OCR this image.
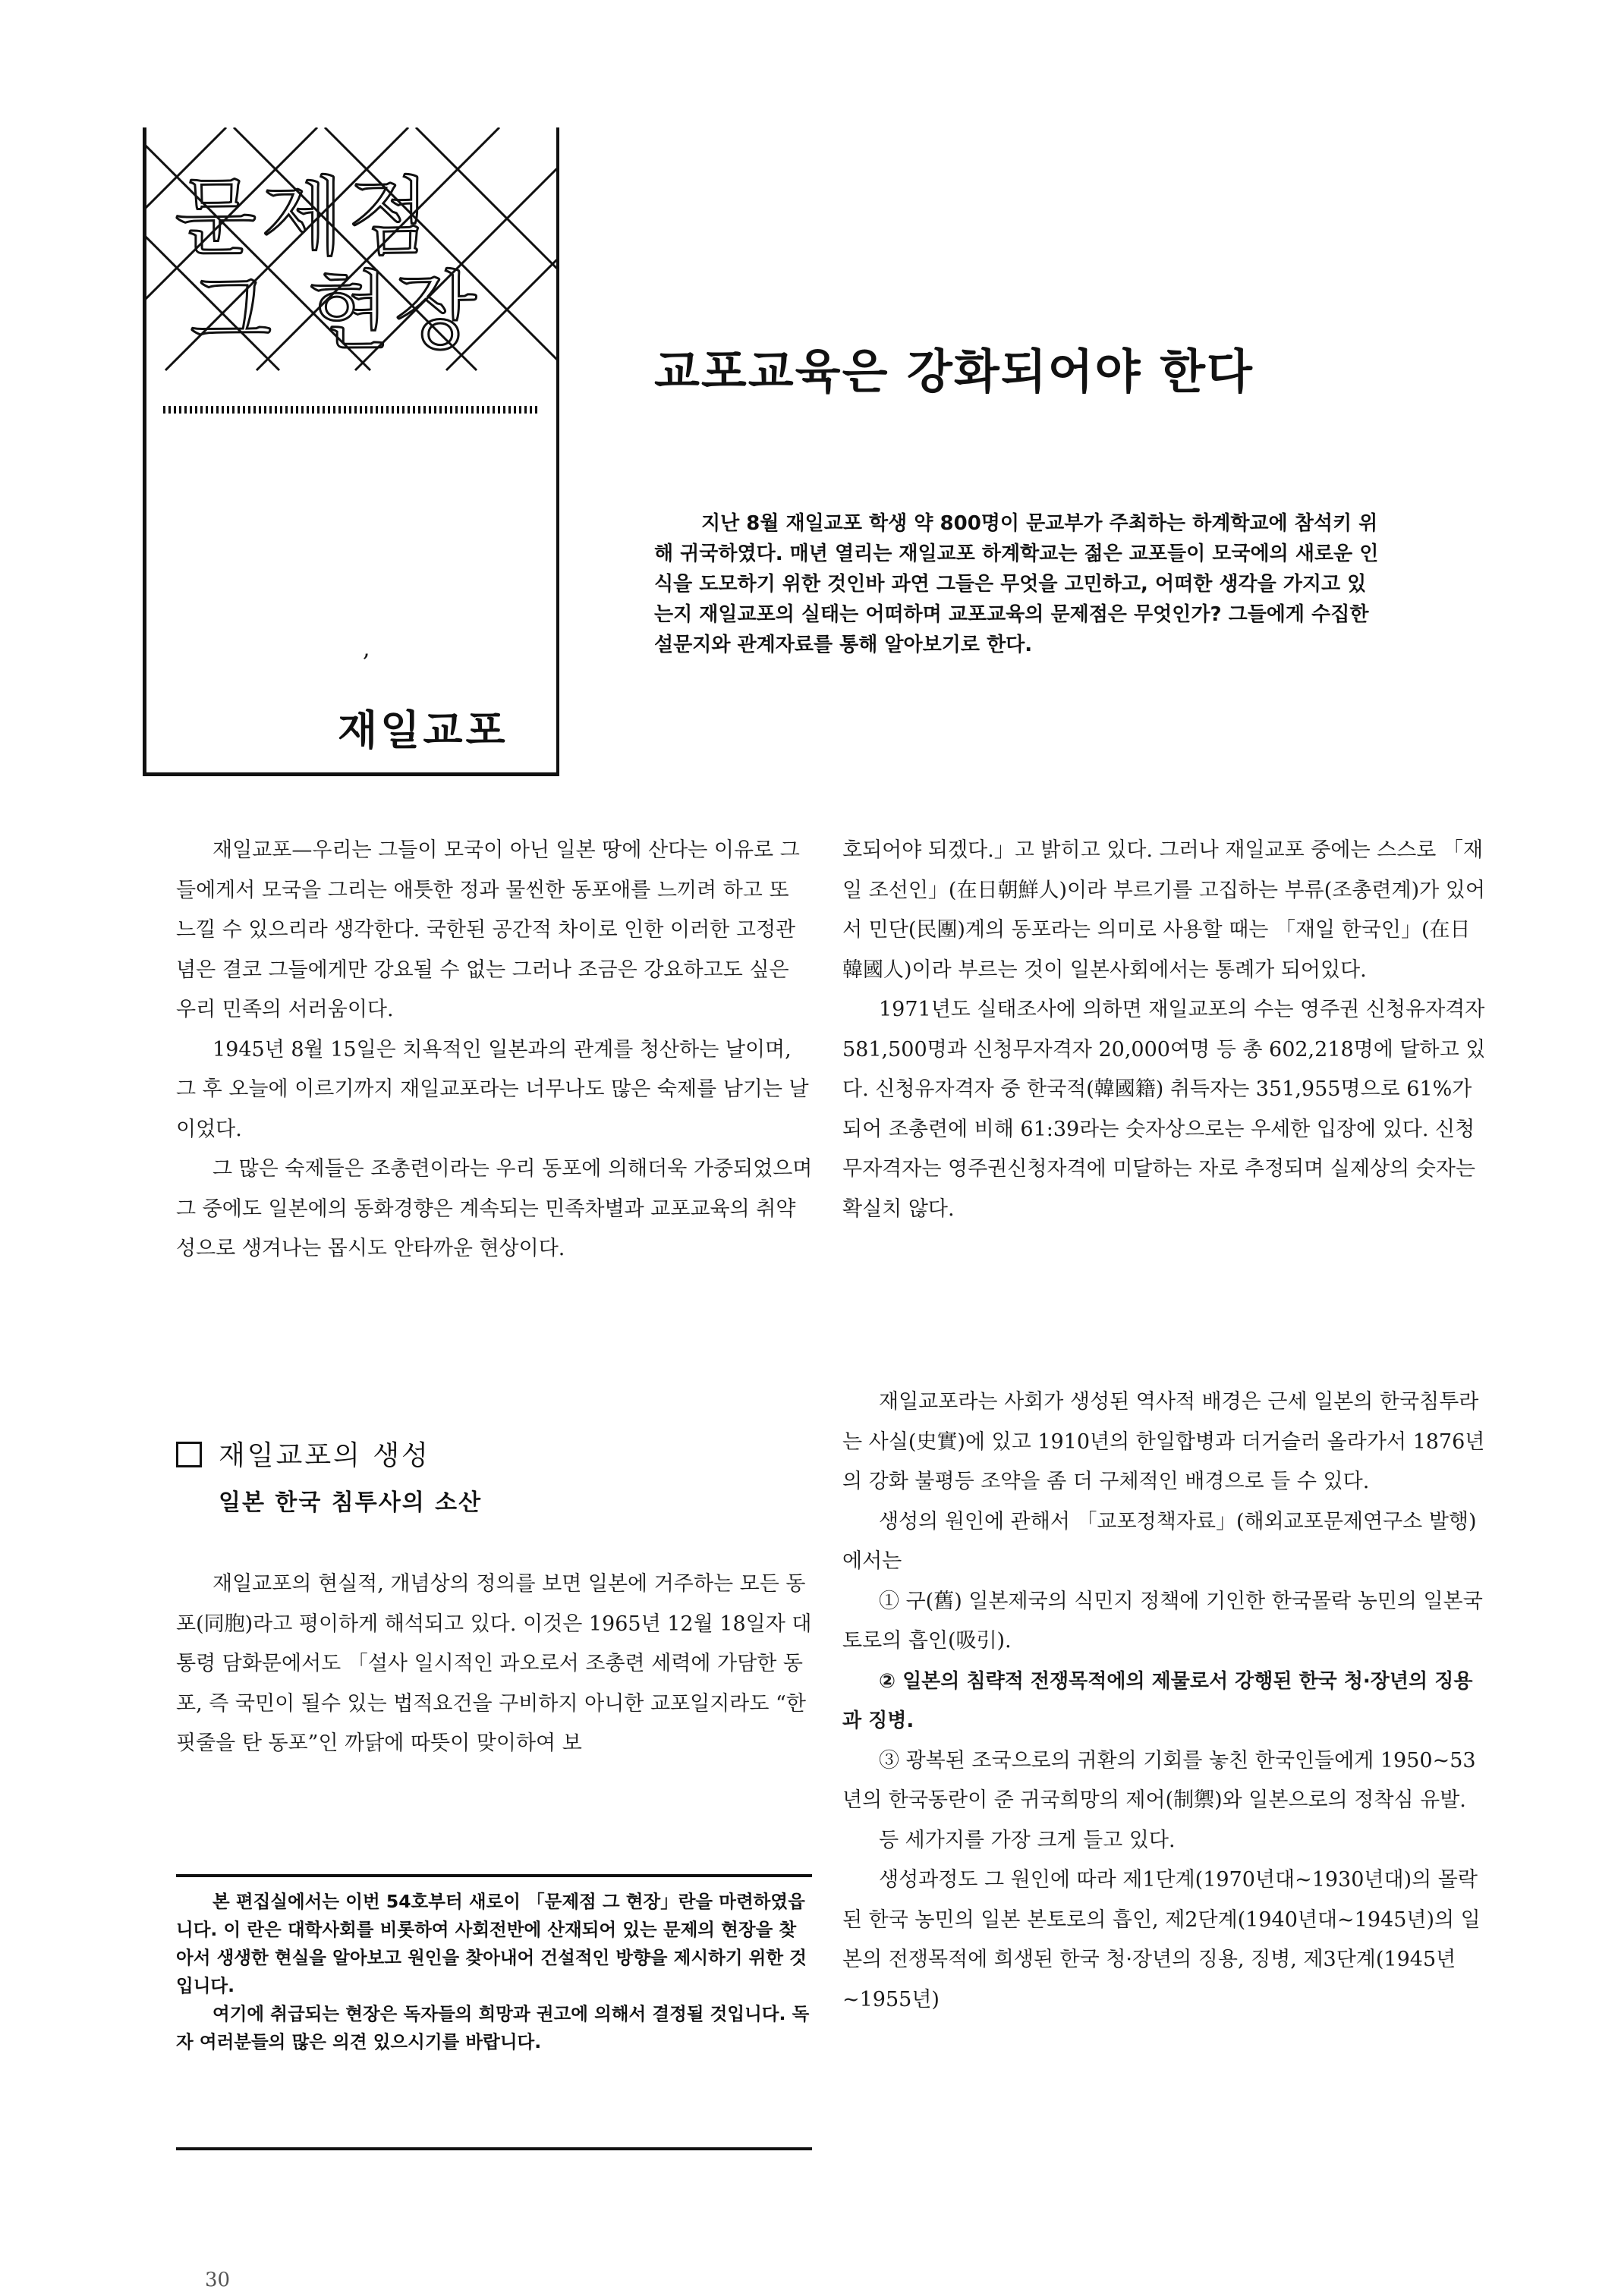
문제점
그 현장
,
재일교포
교포교육은 강화되어야 한다

지난 8월 재일교포 학생 약 800명이 문교부가 주최하는 하계학교에 참석키 위해 귀국하였다. 매년 열리는 재일교포 하계학교는 젊은 교포들이 모국에의 새로운 인식을 도모하기 위한 것인바 과연 그들은 무엇을 고민하고, 어떠한 생각을 가지고 있는지 재일교포의 실태는 어떠하며 교포교육의 문제점은 무엇인가? 그들에게 수집한 설문지와 관계자료를 통해 알아보기로 한다.

재일교포—우리는 그들이 모국이 아닌 일본 땅에 산다는 이유로 그들에게서 모국을 그리는 애틋한 정과 물씬한 동포애를 느끼려 하고 또 느낄 수 있으리라 생각한다. 국한된 공간적 차이로 인한 이러한 고정관념은 결코 그들에게만 강요될 수 없는 그러나 조금은 강요하고도 싶은 우리 민족의 서러움이다.

1945년 8월 15일은 치욕적인 일본과의 관계를 청산하는 날이며, 그 후 오늘에 이르기까지 재일교포라는 너무나도 많은 숙제를 남기는 날이었다.

그 많은 숙제들은 조총련이라는 우리 동포에 의해더욱 가중되었으며 그 중에도 일본에의 동화경향은 계속되는 민족차별과 교포교육의 취약성으로 생겨나는 몹시도 안타까운 현상이다.

재일교포의 생성
일본 한국 침투사의 소산

재일교포의 현실적, 개념상의 정의를 보면 일본에 거주하는 모든 동포(同胞)라고 평이하게 해석되고 있다. 이것은 1965년 12월 18일자 대통령 담화문에서도 「설사 일시적인 과오로서 조총련 세력에 가담한 동포, 즉 국민이 될수 있는 법적요건을 구비하지 아니한 교포일지라도 “한핏줄을 탄 동포”인 까닭에 따뜻이 맞이하여 보

본 편집실에서는 이번 54호부터 새로이 「문제점 그 현장」란을 마련하였읍니다. 이 란은 대학사회를 비롯하여 사회전반에 산재되어 있는 문제의 현장을 찾아서 생생한 현실을 알아보고 원인을 찾아내어 건설적인 방향을 제시하기 위한 것입니다.

여기에 취급되는 현장은 독자들의 희망과 권고에 의해서 결정될 것입니다. 독자 여러분들의 많은 의견 있으시기를 바랍니다.

호되어야 되겠다.」고 밝히고 있다. 그러나 재일교포 중에는 스스로 「재일 조선인」(在日朝鮮人)이라 부르기를 고집하는 부류(조총련계)가 있어서 민단(民團)계의 동포라는 의미로 사용할 때는 「재일 한국인」(在日韓國人)이라 부르는 것이 일본사회에서는 통례가 되어있다.

1971년도 실태조사에 의하면 재일교포의 수는 영주권 신청유자격자 581,500명과 신청무자격자 20,000여명 등 총 602,218명에 달하고 있다. 신청유자격자 중 한국적(韓國籍) 취득자는 351,955명으로 61%가 되어 조총련에 비해 61:39라는 숫자상으로는 우세한 입장에 있다. 신청무자격자는 영주권신청자격에 미달하는 자로 추정되며 실제상의 숫자는 확실치 않다.

재일교포라는 사회가 생성된 역사적 배경은 근세 일본의 한국침투라는 사실(史實)에 있고 1910년의 한일합병과 더거슬러 올라가서 1876년의 강화 불평등 조약을 좀 더 구체적인 배경으로 들 수 있다.

생성의 원인에 관해서 「교포정책자료」(해외교포문제연구소 발행)에서는

① 구(舊) 일본제국의 식민지 정책에 기인한 한국몰락 농민의 일본국토로의 흡인(吸引).

② 일본의 침략적 전쟁목적에의 제물로서 강행된 한국 청·장년의 징용과 징병.

③ 광복된 조국으로의 귀환의 기회를 놓친 한국인들에게 1950~53년의 한국동란이 준 귀국희망의 제어(制禦)와 일본으로의 정착심 유발.

등 세가지를 가장 크게 들고 있다.

생성과정도 그 원인에 따라 제1단계(1970년대~1930년대)의 몰락된 한국 농민의 일본 본토로의 흡인, 제2단계(1940년대~1945년)의 일본의 전쟁목적에 희생된 한국 청·장년의 징용, 징병, 제3단계(1945년~1955년)

30
